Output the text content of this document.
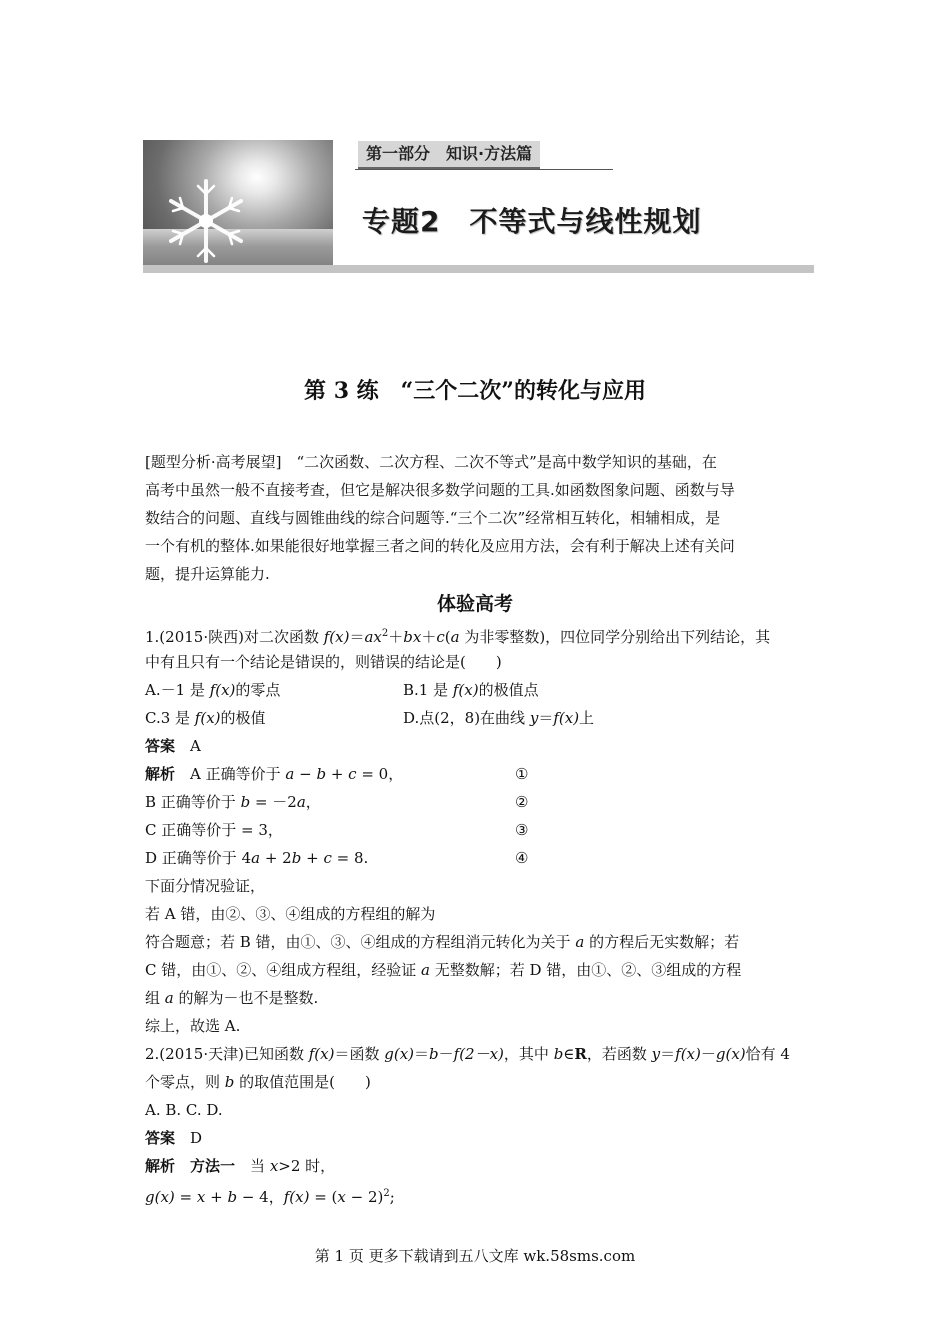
第一部分　知识·方法篇
专题2　不等式与线性规划
第 3 练　“三个二次”的转化与应用
[题型分析·高考展望]　“二次函数、二次方程、二次不等式”是高中数学知识的基础，在
高考中虽然一般不直接考查，但它是解决很多数学问题的工具.如函数图象问题、函数与导
数结合的问题、直线与圆锥曲线的综合问题等.“三个二次”经常相互转化，相辅相成，是
一个有机的整体.如果能很好地掌握三者之间的转化及应用方法，会有利于解决上述有关问
题，提升运算能力.
体验高考
1.(2015·陕西)对二次函数 $f(x)=ax^2+bx+c(a$ 为非零整数)，四位同学分别给出下列结论，其
中有且只有一个结论是错误的，则错误的结论是(　　)
A.－1 是 f(x)的零点	B.1 是 f(x)的极值点
C.3 是 f(x)的极值	D.点(2，8)在曲线 y＝f(x)上
答案　 A
解析　 A 正确等价于 a − b + c = 0，	①
B 正确等价于 b = －2a，	②
C 正确等价于 = 3，	③
D 正确等价于 4a + 2b + c = 8.	④
下面分情况验证，
若 A 错，由②、③、④组成的方程组的解为
符合题意；若 B 错，由①、③、④组成的方程组消元转化为关于 a 的方程后无实数解；若
C 错，由①、②、④组成方程组，经验证 a 无整数解；若 D 错，由①、②、③组成的方程
组 a 的解为－也不是整数.
综上，故选 A.
2.(2015·天津)已知函数 f(x)＝函数 g(x)＝b－f(2－x)，其中 b∈R，若函数 y＝f(x)－g(x)恰有 4
个零点，则 b 的取值范围是(　　)
A. B. C. D.
答案　 D
解析　 方法一　当 x>2 时，
g(x) = x + b − 4，$f(x) = (x - 2)^2$;
第 1 页 更多下载请到五八文库 wk.58sms.com
